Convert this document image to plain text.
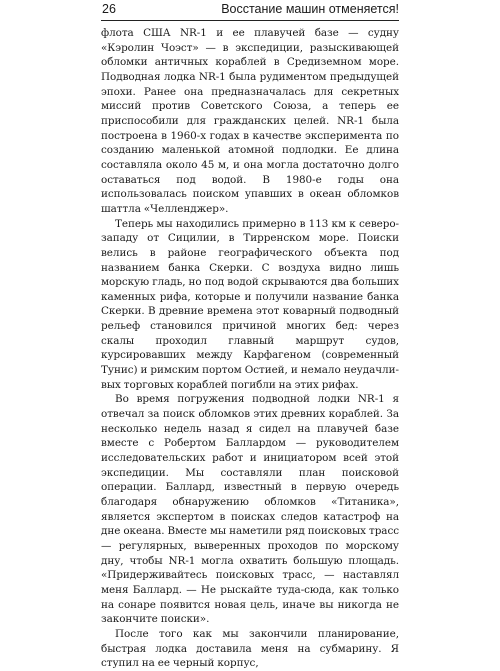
26	Восстание машин отменяется!

флота США NR-1 и ее плавучей базе — судну «Кэролин Чоэст» — в экспедиции, разыскивающей обломки античных кораблей в Средиземном море. Подводная лодка NR-1 была рудиментом предыдущей эпохи. Ранее она предназначалась для секретных миссий против Советского Союза, а теперь ее приспособили для гражданских целей. NR-1 была построена в 1960-х годах в качестве эксперимента по созданию маленькой атомной подлодки. Ее длина составляла около 45 м, и она могла достаточно долго оставаться под водой. В 1980-е годы она использовалась поиском упавших в океан обломков шаттла «Челленджер».

Теперь мы находились примерно в 113 км к северо-западу от Сицилии, в Тирренском море. Поиски велись в районе географического объекта под названием банка Скерки. С воздуха видно лишь морскую гладь, но под водой скрываются два больших каменных рифа, которые и получили название банка Скерки. В древние времена этот коварный подводный рельеф становился причиной многих бед: через скалы проходил главный маршрут судов, курсировавших между Карфагеном (современный Тунис) и римским портом Остией, и немало неудачливых торговых кораблей погибли на этих рифах.

Во время погружения подводной лодки NR-1 я отвечал за поиск обломков этих древних кораблей. За несколько недель назад я сидел на плавучей базе вместе с Робертом Баллардом — руководителем исследовательских работ и инициатором всей этой экспедиции. Мы составляли план поисковой операции. Баллард, известный в первую очередь благодаря обнаружению обломков «Титаника», является экспертом в поисках следов катастроф на дне океана. Вместе мы наметили ряд поисковых трасс — регулярных, выверенных проходов по морскому дну, чтобы NR-1 могла охватить большую площадь. «Придерживайтесь поисковых трасс, — наставлял меня Баллард. — Не рыскайте туда-сюда, как только на сонаре появится новая цель, иначе вы никогда не закончите поиски».

После того как мы закончили планирование, быстрая лодка доставила меня на субмарину. Я ступил на ее черный корпус,
